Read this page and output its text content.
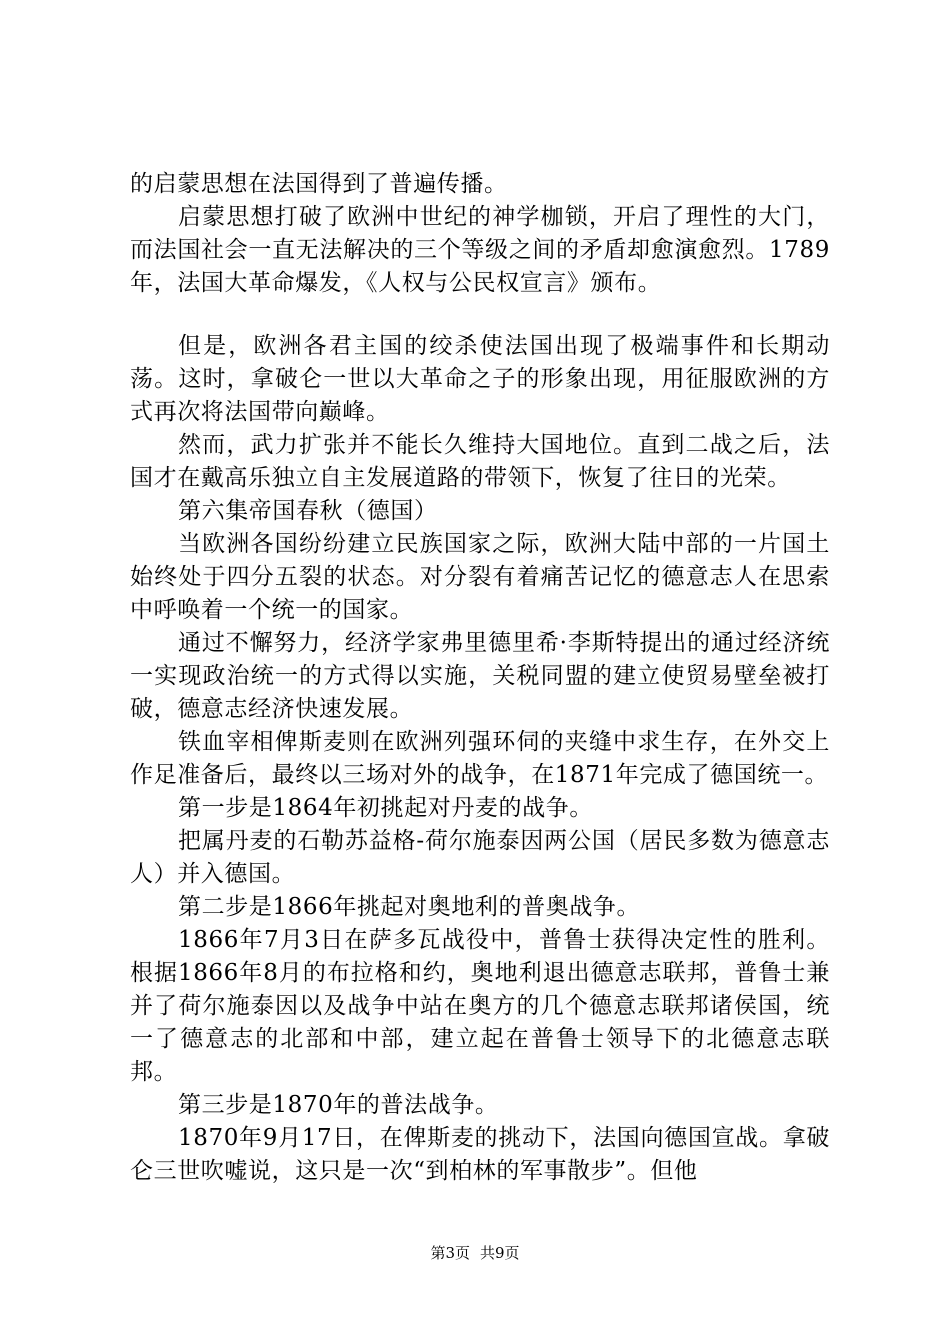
的启蒙思想在法国得到了普遍传播。

启蒙思想打破了欧洲中世纪的神学枷锁，开启了理性的大门，而法国社会一直无法解决的三个等级之间的矛盾却愈演愈烈。1789年，法国大革命爆发，《人权与公民权宣言》颁布。

但是，欧洲各君主国的绞杀使法国出现了极端事件和长期动荡。这时，拿破仑一世以大革命之子的形象出现，用征服欧洲的方式再次将法国带向巅峰。

然而，武力扩张并不能长久维持大国地位。直到二战之后，法国才在戴高乐独立自主发展道路的带领下，恢复了往日的光荣。

第六集帝国春秋（德国）

当欧洲各国纷纷建立民族国家之际，欧洲大陆中部的一片国土始终处于四分五裂的状态。对分裂有着痛苦记忆的德意志人在思索中呼唤着一个统一的国家。

通过不懈努力，经济学家弗里德里希·李斯特提出的通过经济统一实现政治统一的方式得以实施，关税同盟的建立使贸易壁垒被打破，德意志经济快速发展。

铁血宰相俾斯麦则在欧洲列强环伺的夹缝中求生存，在外交上作足准备后，最终以三场对外的战争，在1871年完成了德国统一。

第一步是1864年初挑起对丹麦的战争。

把属丹麦的石勒苏益格-荷尔施泰因两公国（居民多数为德意志人）并入德国。

第二步是1866年挑起对奥地利的普奥战争。

1866年7月3日在萨多瓦战役中，普鲁士获得决定性的胜利。根据1866年8月的布拉格和约，奥地利退出德意志联邦，普鲁士兼并了荷尔施泰因以及战争中站在奥方的几个德意志联邦诸侯国，统一了德意志的北部和中部，建立起在普鲁士领导下的北德意志联邦。

第三步是1870年的普法战争。

1870年9月17日，在俾斯麦的挑动下，法国向德国宣战。拿破仑三世吹嘘说，这只是一次“到柏林的军事散步”。但他

第3页 共9页
